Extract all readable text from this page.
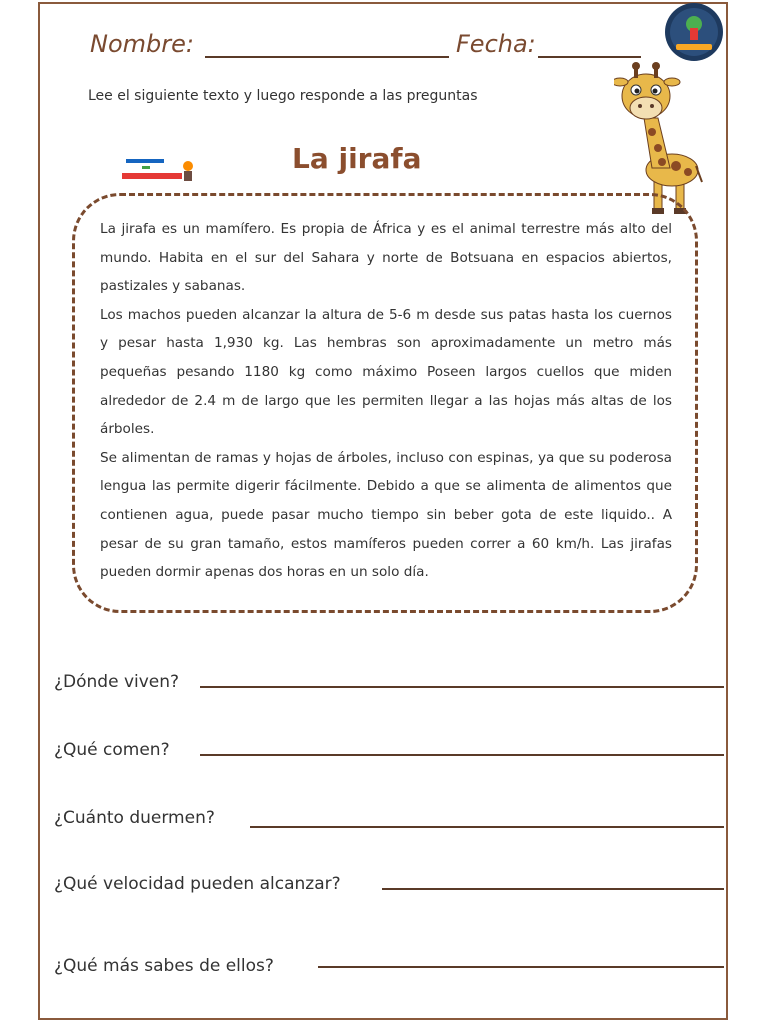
Nombre:	Fecha:
Lee el siguiente texto y luego responde a las preguntas
La jirafa

La jirafa es un mamífero. Es propia de África y es el animal terrestre más alto del mundo. Habita en el sur del Sahara y norte de Botsuana en espacios abiertos, pastizales y sabanas.

Los machos pueden alcanzar la altura de 5-6 m desde sus patas hasta los cuernos y pesar hasta 1,930 kg. Las hembras son aproximadamente un metro más pequeñas pesando 1180 kg como máximo Poseen largos cuellos que miden alrededor de 2.4 m de largo que les permiten llegar a las hojas más altas de los árboles.

Se alimentan de ramas y hojas de árboles, incluso con espinas, ya que su poderosa lengua las permite digerir fácilmente. Debido a que se alimenta de alimentos que contienen agua, puede pasar mucho tiempo sin beber gota de este liquido.. A pesar de su gran tamaño, estos mamíferos pueden correr a 60 km/h. Las jirafas pueden dormir apenas dos horas en un solo día.

¿Dónde viven?
¿Qué comen?
¿Cuánto duermen?
¿Qué velocidad pueden alcanzar?
¿Qué más sabes de ellos?
